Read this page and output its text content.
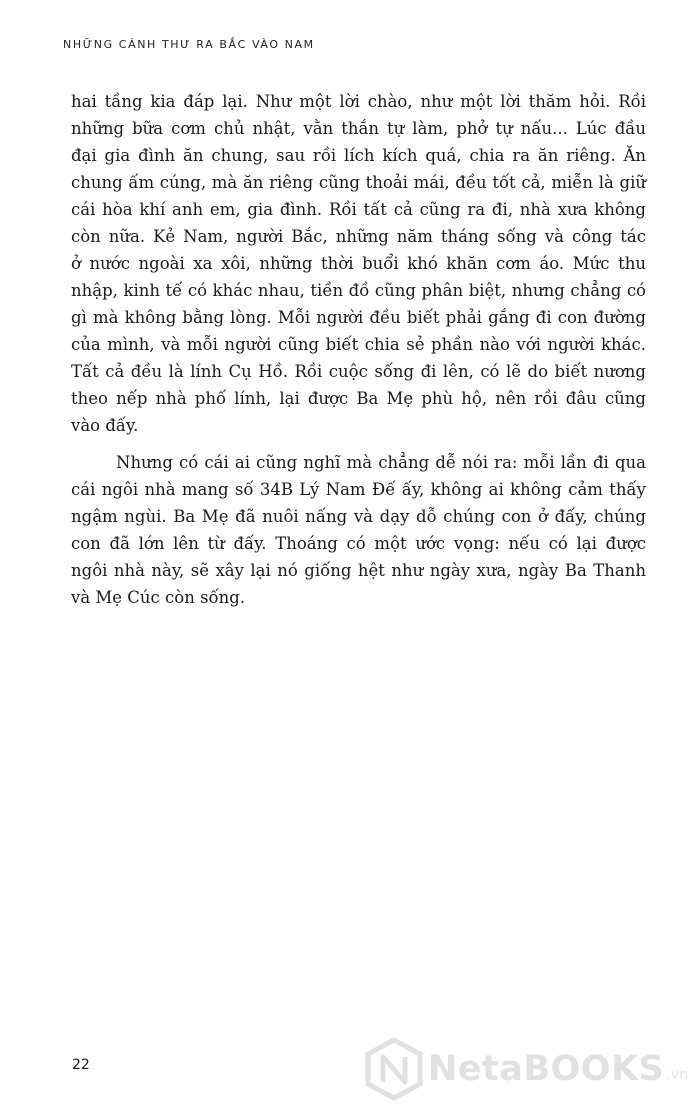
NHỮNG CÁNH THƯ RA BẮC VÀO NAM

hai tầng kia đáp lại. Như một lời chào, như một lời thăm hỏi. Rồi
những bữa cơm chủ nhật, vằn thắn tự làm, phở tự nấu... Lúc đầu
đại gia đình ăn chung, sau rồi lích kích quá, chia ra ăn riêng. Ăn
chung ấm cúng, mà ăn riêng cũng thoải mái, đều tốt cả, miễn là giữ
cái hòa khí anh em, gia đình. Rồi tất cả cũng ra đi, nhà xưa không
còn nữa. Kẻ Nam, người Bắc, những năm tháng sống và công tác
ở nước ngoài xa xôi, những thời buổi khó khăn cơm áo. Mức thu
nhập, kinh tế có khác nhau, tiền đồ cũng phân biệt, nhưng chẳng có
gì mà không bằng lòng. Mỗi người đều biết phải gắng đi con đường
của mình, và mỗi người cũng biết chia sẻ phần nào với người khác.
Tất cả đều là lính Cụ Hồ. Rồi cuộc sống đi lên, có lẽ do biết nương
theo nếp nhà phố lính, lại được Ba Mẹ phù hộ, nên rồi đâu cũng
vào đấy.

Nhưng có cái ai cũng nghĩ mà chẳng dễ nói ra: mỗi lần đi qua
cái ngôi nhà mang số 34B Lý Nam Đế ấy, không ai không cảm thấy
ngậm ngùi. Ba Mẹ đã nuôi nấng và dạy dỗ chúng con ở đấy, chúng
con đã lớn lên từ đấy. Thoáng có một ước vọng: nếu có lại được
ngôi nhà này, sẽ xây lại nó giống hệt như ngày xưa, ngày Ba Thanh
và Mẹ Cúc còn sống.

22	NetaBOOKS .vn
